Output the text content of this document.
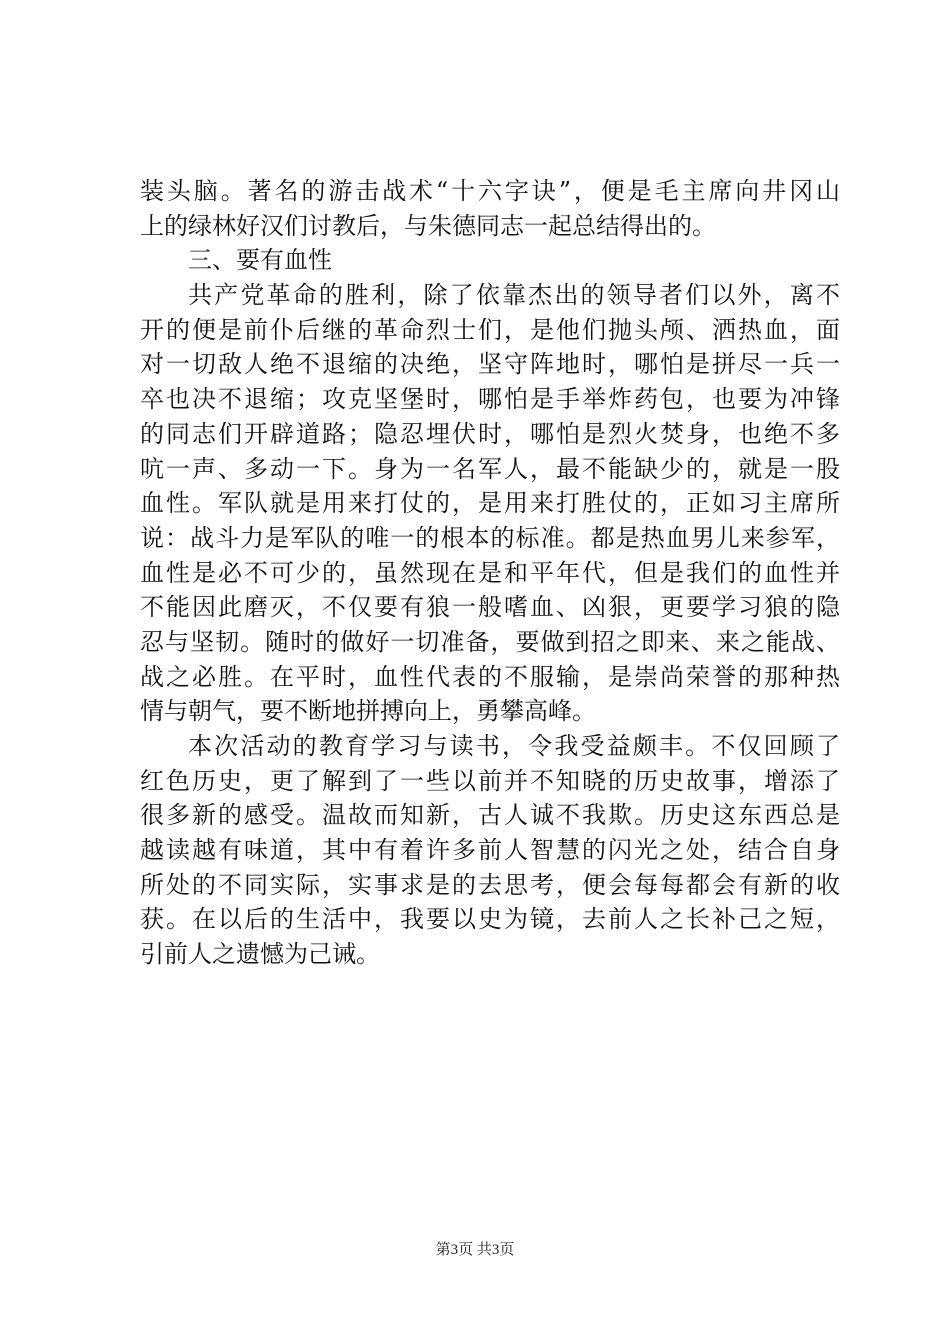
装头脑。著名的游击战术“十六字诀”，便是毛主席向井冈山
上的绿林好汉们讨教后，与朱德同志一起总结得出的。
三、要有血性
共产党革命的胜利，除了依靠杰出的领导者们以外，离不
开的便是前仆后继的革命烈士们，是他们抛头颅、洒热血，面
对一切敌人绝不退缩的决绝，坚守阵地时，哪怕是拼尽一兵一
卒也决不退缩；攻克坚堡时，哪怕是手举炸药包，也要为冲锋
的同志们开辟道路；隐忍埋伏时，哪怕是烈火焚身，也绝不多
吭一声、多动一下。身为一名军人，最不能缺少的，就是一股
血性。军队就是用来打仗的，是用来打胜仗的，正如习主席所
说：战斗力是军队的唯一的根本的标准。都是热血男儿来参军，
血性是必不可少的，虽然现在是和平年代，但是我们的血性并
不能因此磨灭，不仅要有狼一般嗜血、凶狠，更要学习狼的隐
忍与坚韧。随时的做好一切准备，要做到招之即来、来之能战、
战之必胜。在平时，血性代表的不服输，是崇尚荣誉的那种热
情与朝气，要不断地拼搏向上，勇攀高峰。
本次活动的教育学习与读书，令我受益颇丰。不仅回顾了
红色历史，更了解到了一些以前并不知晓的历史故事，增添了
很多新的感受。温故而知新，古人诚不我欺。历史这东西总是
越读越有味道，其中有着许多前人智慧的闪光之处，结合自身
所处的不同实际，实事求是的去思考，便会每每都会有新的收
获。在以后的生活中，我要以史为镜，去前人之长补己之短，
引前人之遗憾为己诫。
第3页 共3页
